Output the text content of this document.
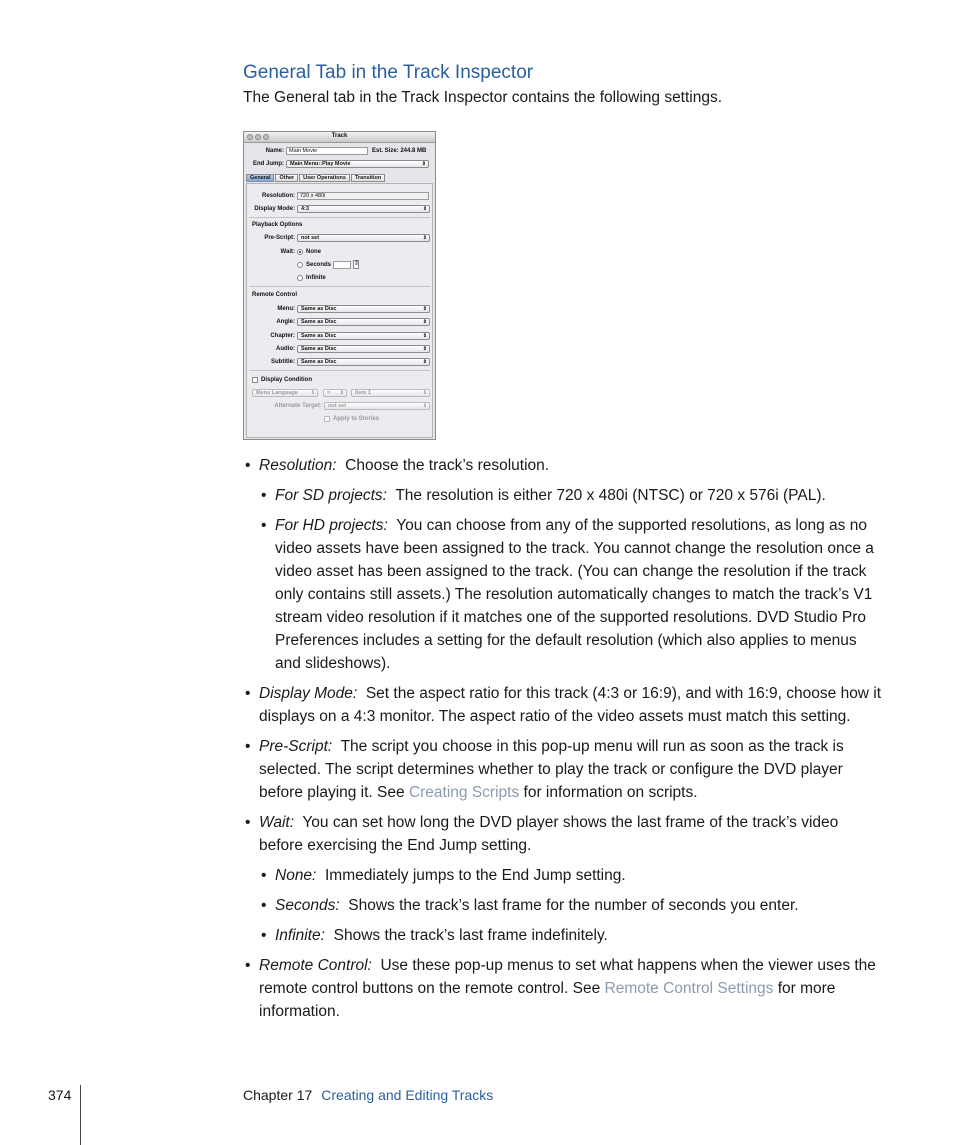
General Tab in the Track Inspector

The General tab in the Track Inspector contains the following settings.

Track
Name: Main Movie	Est. Size: 244.8 MB
End Jump:	Main Menu::Play Movie	⇕
General	Other	User Operations	Transition
Resolution: 720 x 480i
Display Mode:	4:3	⇕
Playback Options
Pre-Script:	not set	⇕
Wait: None
Seconds	⇕
Infinite
Remote Control
Menu:	Same as Disc	⇕
Angle:	Same as Disc	⇕
Chapter:	Same as Disc	⇕
Audio:	Same as Disc	⇕
Subtitle:	Same as Disc	⇕
Display Condition
Menu Language	⇕	= ⇕	Item 1	⇕
Alternate Target:	not set	⇕
Apply to Stories

• Resolution: Choose the track’s resolution.

• For SD projects: The resolution is either 720 x 480i (NTSC) or 720 x 576i (PAL).

• For HD projects: You can choose from any of the supported resolutions, as long as no video assets have been assigned to the track. You cannot change the resolution once a video asset has been assigned to the track. (You can change the resolution if the track only contains still assets.) The resolution automatically changes to match the track’s V1 stream video resolution if it matches one of the supported resolutions. DVD Studio Pro Preferences includes a setting for the default resolution (which also applies to menus and slideshows).

• Display Mode: Set the aspect ratio for this track (4:3 or 16:9), and with 16:9, choose how it displays on a 4:3 monitor. The aspect ratio of the video assets must match this setting.

• Pre-Script: The script you choose in this pop-up menu will run as soon as the track is selected. The script determines whether to play the track or configure the DVD player before playing it. See Creating Scripts for information on scripts.

• Wait: You can set how long the DVD player shows the last frame of the track’s video before exercising the End Jump setting.

• None: Immediately jumps to the End Jump setting.

• Seconds: Shows the track’s last frame for the number of seconds you enter.

• Infinite: Shows the track’s last frame indefinitely.

• Remote Control: Use these pop-up menus to set what happens when the viewer uses the remote control buttons on the remote control. See Remote Control Settings for more information.

374	Chapter 17 Creating and Editing Tracks
